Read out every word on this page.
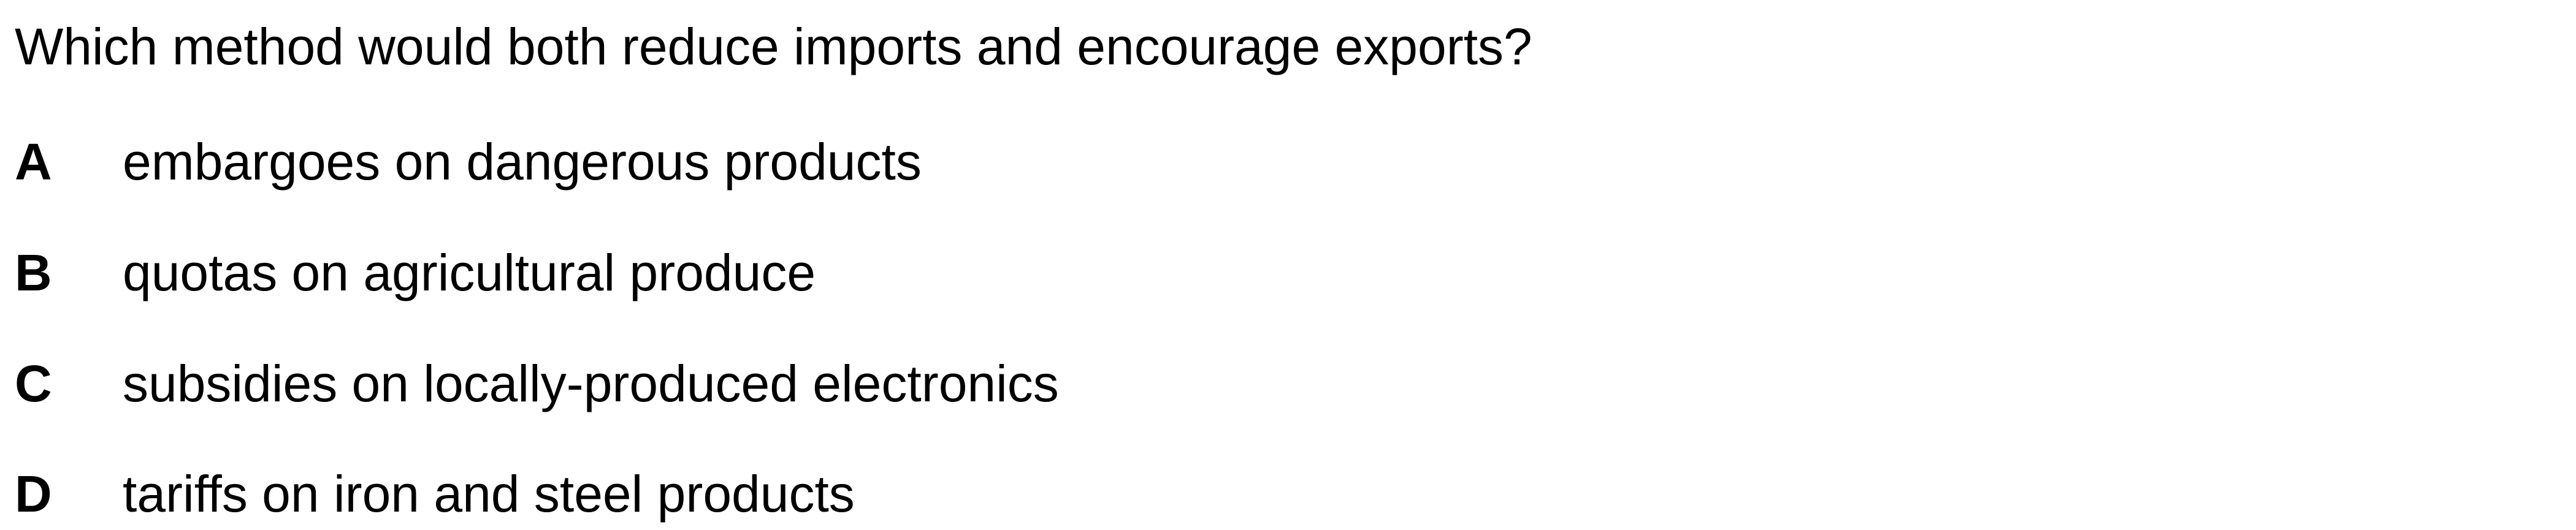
Which method would both reduce imports and encourage exports?
A embargoes on dangerous products
B quotas on agricultural produce
C subsidies on locally-produced electronics
D tariffs on iron and steel products
